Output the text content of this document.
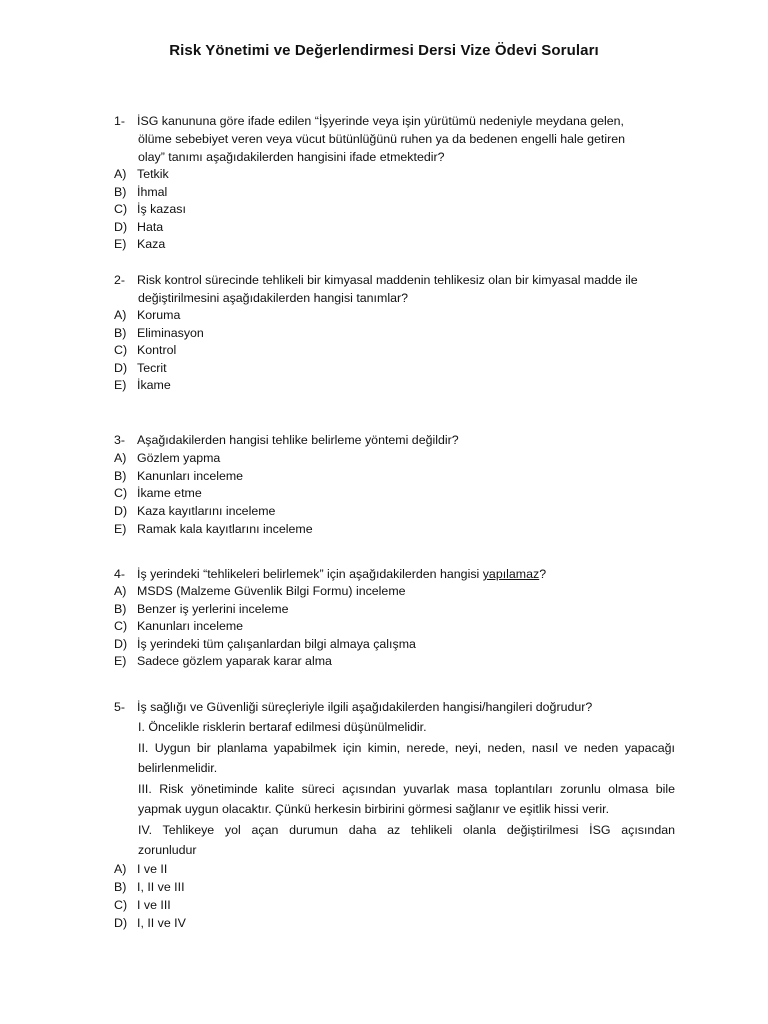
Risk Yönetimi ve Değerlendirmesi Dersi Vize Ödevi Soruları
1- İSG kanununa göre ifade edilen “İşyerinde veya işin yürütümü nedeniyle meydana gelen,
ölüme sebebiyet veren veya vücut bütünlüğünü ruhen ya da bedenen engelli hale getiren
olay” tanımı aşağıdakilerden hangisini ifade etmektedir?
A) Tetkik
B) İhmal
C) İş kazası
D) Hata
E) Kaza
2- Risk kontrol sürecinde tehlikeli bir kimyasal maddenin tehlikesiz olan bir kimyasal madde ile
değiştirilmesini aşağıdakilerden hangisi tanımlar?
A) Koruma
B) Eliminasyon
C) Kontrol
D) Tecrit
E) İkame
3- Aşağıdakilerden hangisi tehlike belirleme yöntemi değildir?
A) Gözlem yapma
B) Kanunları inceleme
C) İkame etme
D) Kaza kayıtlarını inceleme
E) Ramak kala kayıtlarını inceleme
4- İş yerindeki “tehlikeleri belirlemek” için aşağıdakilerden hangisi yapılamaz?
A) MSDS (Malzeme Güvenlik Bilgi Formu) inceleme
B) Benzer iş yerlerini inceleme
C) Kanunları inceleme
D) İş yerindeki tüm çalışanlardan bilgi almaya çalışma
E) Sadece gözlem yaparak karar alma
5- İş sağlığı ve Güvenliği süreçleriyle ilgili aşağıdakilerden hangisi/hangileri doğrudur?
I. Öncelikle risklerin bertaraf edilmesi düşünülmelidir.
II. Uygun bir planlama yapabilmek için kimin, nerede, neyi, neden, nasıl ve neden yapacağı
belirlenmelidir.
III. Risk yönetiminde kalite süreci açısından yuvarlak masa toplantıları zorunlu olmasa bile
yapmak uygun olacaktır. Çünkü herkesin birbirini görmesi sağlanır ve eşitlik hissi verir.
IV. Tehlikeye yol açan durumun daha az tehlikeli olanla değiştirilmesi İSG açısından
zorunludur
A) I ve II
B) I, II ve III
C) I ve III
D) I, II ve IV
